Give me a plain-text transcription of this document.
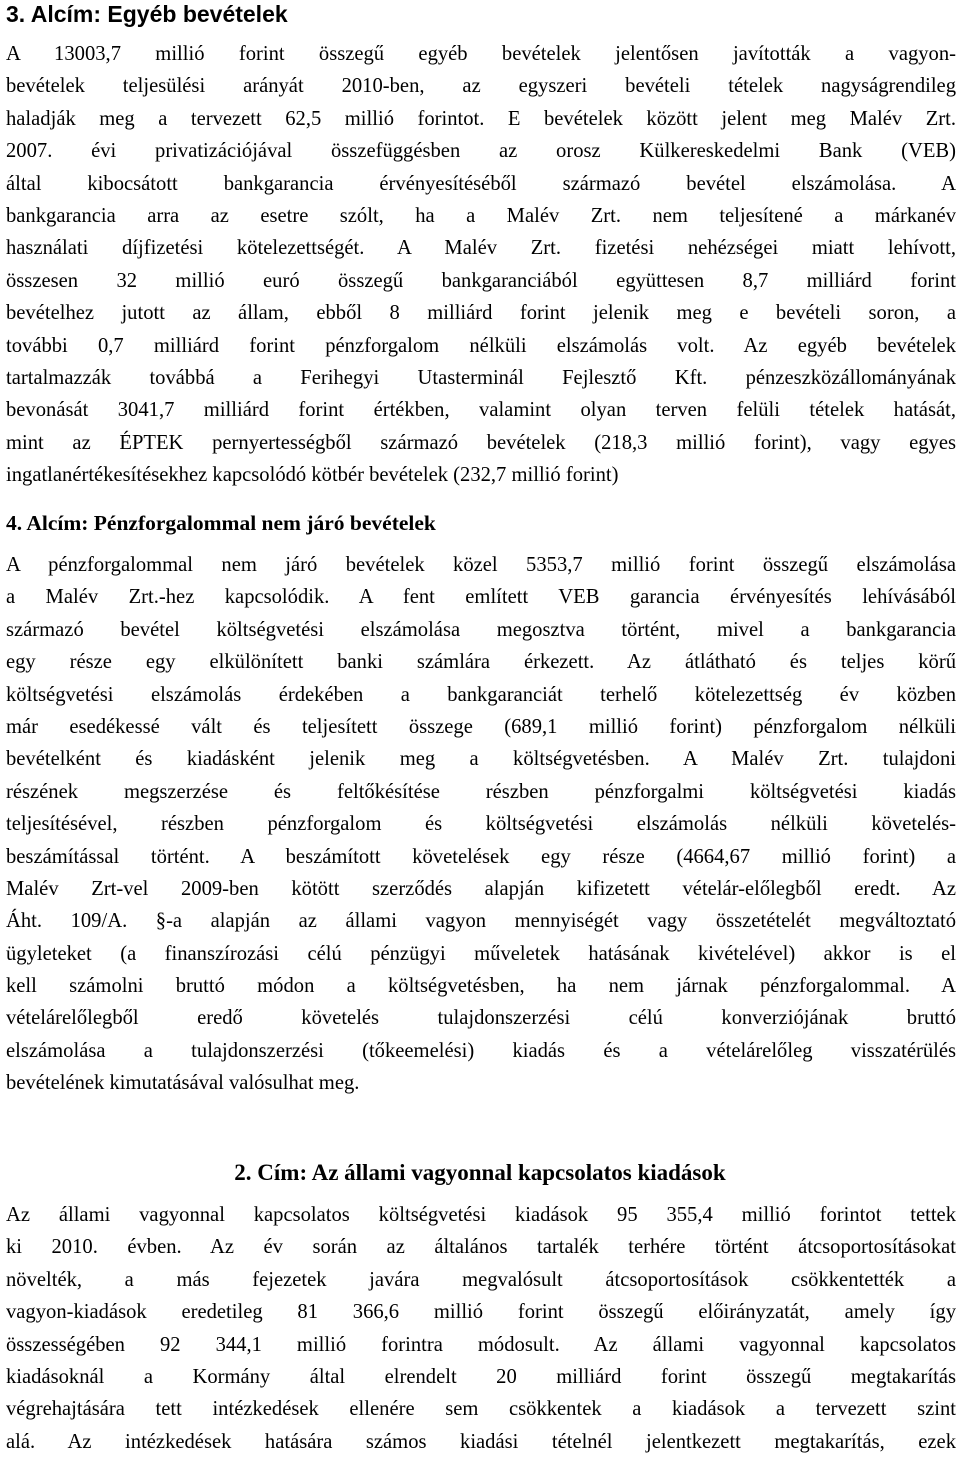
3. Alcím: Egyéb bevételek
A 13003,7 millió forint összegű egyéb bevételek jelentősen javították a vagyon-
bevételek teljesülési arányát 2010-ben, az egyszeri bevételi tételek nagyságrendileg
haladják meg a tervezett 62,5 millió forintot. E bevételek között jelent meg Malév Zrt.
2007. évi privatizációjával összefüggésben az orosz Külkereskedelmi Bank (VEB)
által kibocsátott bankgarancia érvényesítéséből származó bevétel elszámolása. A
bankgarancia arra az esetre szólt, ha a Malév Zrt. nem teljesítené a márkanév
használati díjfizetési kötelezettségét. A Malév Zrt. fizetési nehézségei miatt lehívott,
összesen 32 millió euró összegű bankgaranciából együttesen 8,7 milliárd forint
bevételhez jutott az állam, ebből 8 milliárd forint jelenik meg e bevételi soron, a
további 0,7 milliárd forint pénzforgalom nélküli elszámolás volt. Az egyéb bevételek
tartalmazzák továbbá a Ferihegyi Utasterminál Fejlesztő Kft. pénzeszközállományának
bevonását 3041,7 milliárd forint értékben, valamint olyan terven felüli tételek hatását,
mint az ÉPTEK pernyertességből származó bevételek (218,3 millió forint), vagy egyes
ingatlanértékesítésekhez kapcsolódó kötbér bevételek (232,7 millió forint)
4. Alcím: Pénzforgalommal nem járó bevételek
A pénzforgalommal nem járó bevételek közel 5353,7 millió forint összegű elszámolása
a Malév Zrt.-hez kapcsolódik. A fent említett VEB garancia érvényesítés lehívásából
származó bevétel költségvetési elszámolása megosztva történt, mivel a bankgarancia
egy része egy elkülönített banki számlára érkezett. Az átlátható és teljes körű
költségvetési elszámolás érdekében a bankgaranciát terhelő kötelezettség év közben
már esedékessé vált és teljesített összege (689,1 millió forint) pénzforgalom nélküli
bevételként és kiadásként jelenik meg a költségvetésben. A Malév Zrt. tulajdoni
részének megszerzése és feltőkésítése részben pénzforgalmi költségvetési kiadás
teljesítésével, részben pénzforgalom és költségvetési elszámolás nélküli követelés-
beszámítással történt. A beszámított követelések egy része (4664,67 millió forint) a
Malév Zrt-vel 2009-ben kötött szerződés alapján kifizetett vételár-előlegből eredt. Az
Áht. 109/A. §-a alapján az állami vagyon mennyiségét vagy összetételét megváltoztató
ügyleteket (a finanszírozási célú pénzügyi műveletek hatásának kivételével) akkor is el
kell számolni bruttó módon a költségvetésben, ha nem járnak pénzforgalommal. A
vételárelőlegből eredő követelés tulajdonszerzési célú konverziójának bruttó
elszámolása a tulajdonszerzési (tőkeemelési) kiadás és a vételárelőleg visszatérülés
bevételének kimutatásával valósulhat meg.
2. Cím: Az állami vagyonnal kapcsolatos kiadások
Az állami vagyonnal kapcsolatos költségvetési kiadások 95 355,4 millió forintot tettek
ki 2010. évben. Az év során az általános tartalék terhére történt átcsoportosításokat
növelték, a más fejezetek javára megvalósult átcsoportosítások csökkentették a
vagyon-kiadások eredetileg 81 366,6 millió forint összegű előirányzatát, amely így
összességében 92 344,1 millió forintra módosult. Az állami vagyonnal kapcsolatos
kiadásoknál a Kormány által elrendelt 20 milliárd forint összegű megtakarítás
végrehajtására tett intézkedések ellenére sem csökkentek a kiadások a tervezett szint
alá. Az intézkedések hatására számos kiadási tételnél jelentkezett megtakarítás, ezek
